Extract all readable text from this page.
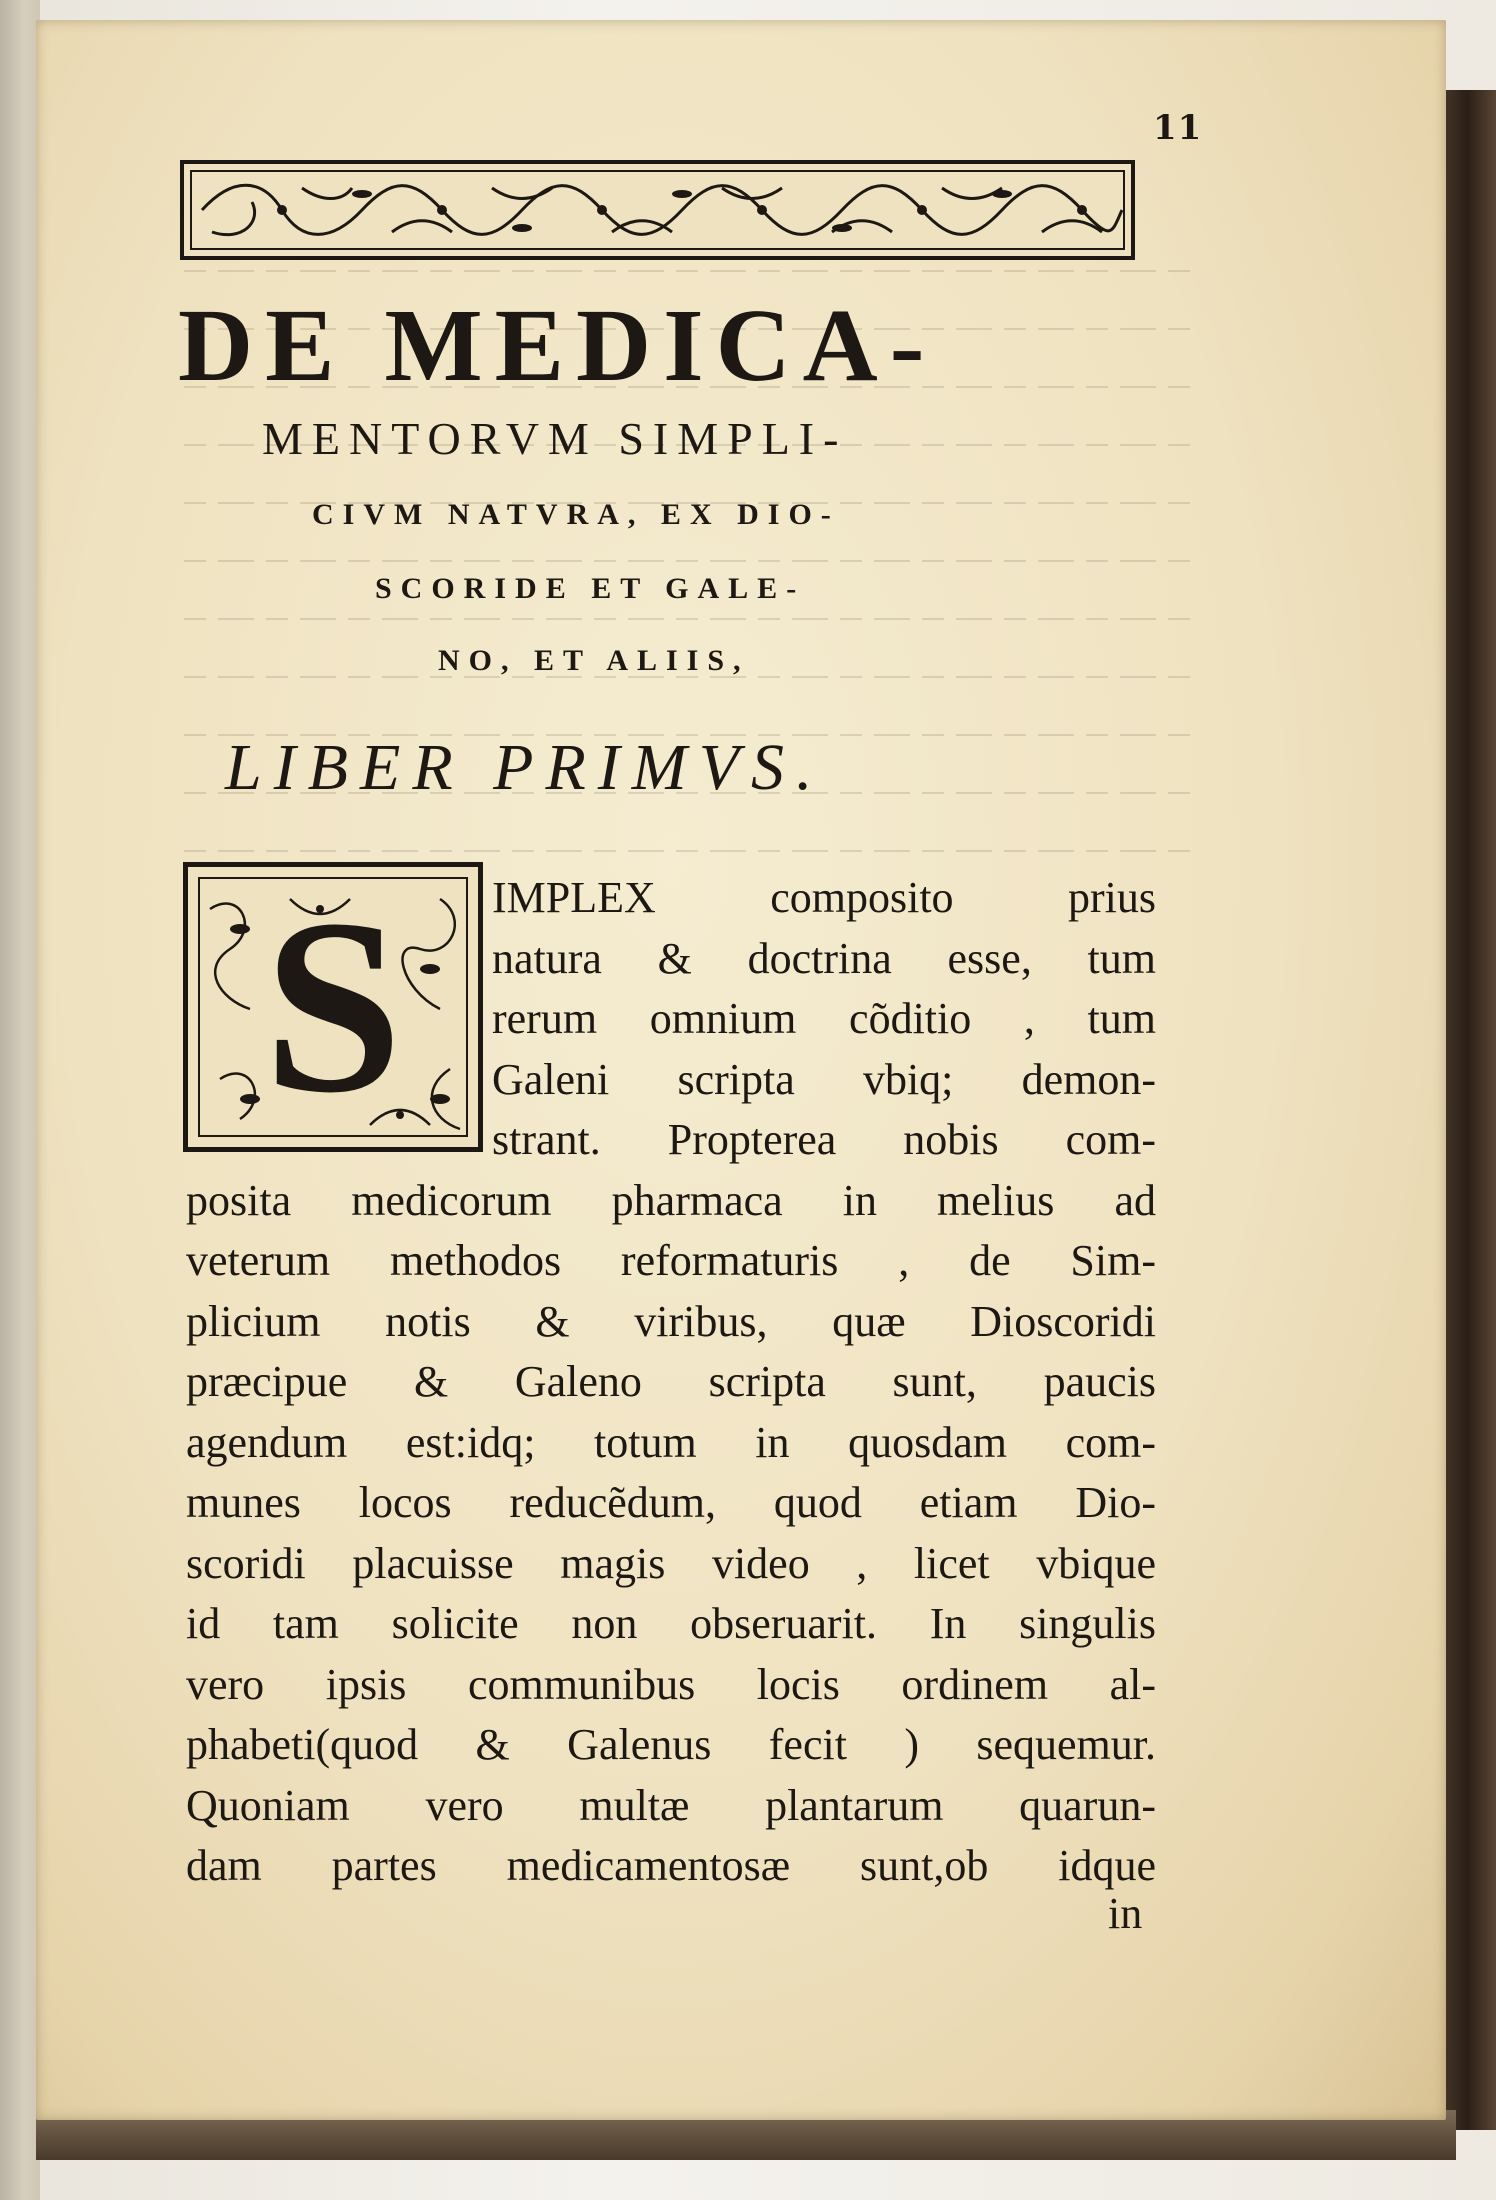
11
DE MEDICA-
MENTORVM SIMPLI-
CIVM NATVRA, EX DIO-
SCORIDE ET GALE-
NO, ET ALIIS,
LIBER PRIMVS.
S	IMPLEX composito prius
natura & doctrina esse, tum
rerum omnium cõditio , tum
Galeni scripta vbiq; demon-
strant. Propterea nobis com-
posita medicorum pharmaca in melius ad
veterum methodos reformaturis , de Sim-
plicium notis & viribus, quæ Dioscoridi
præcipue & Galeno scripta sunt, paucis
agendum est:idq; totum in quosdam com-
munes locos reducẽdum, quod etiam Dio-
scoridi placuisse magis video , licet vbique
id tam solicite non obseruarit. In singulis
vero ipsis communibus locis ordinem al-
phabeti(quod & Galenus fecit ) sequemur.
Quoniam vero multæ plantarum quarun-
dam partes medicamentosæ sunt,ob idque
in
